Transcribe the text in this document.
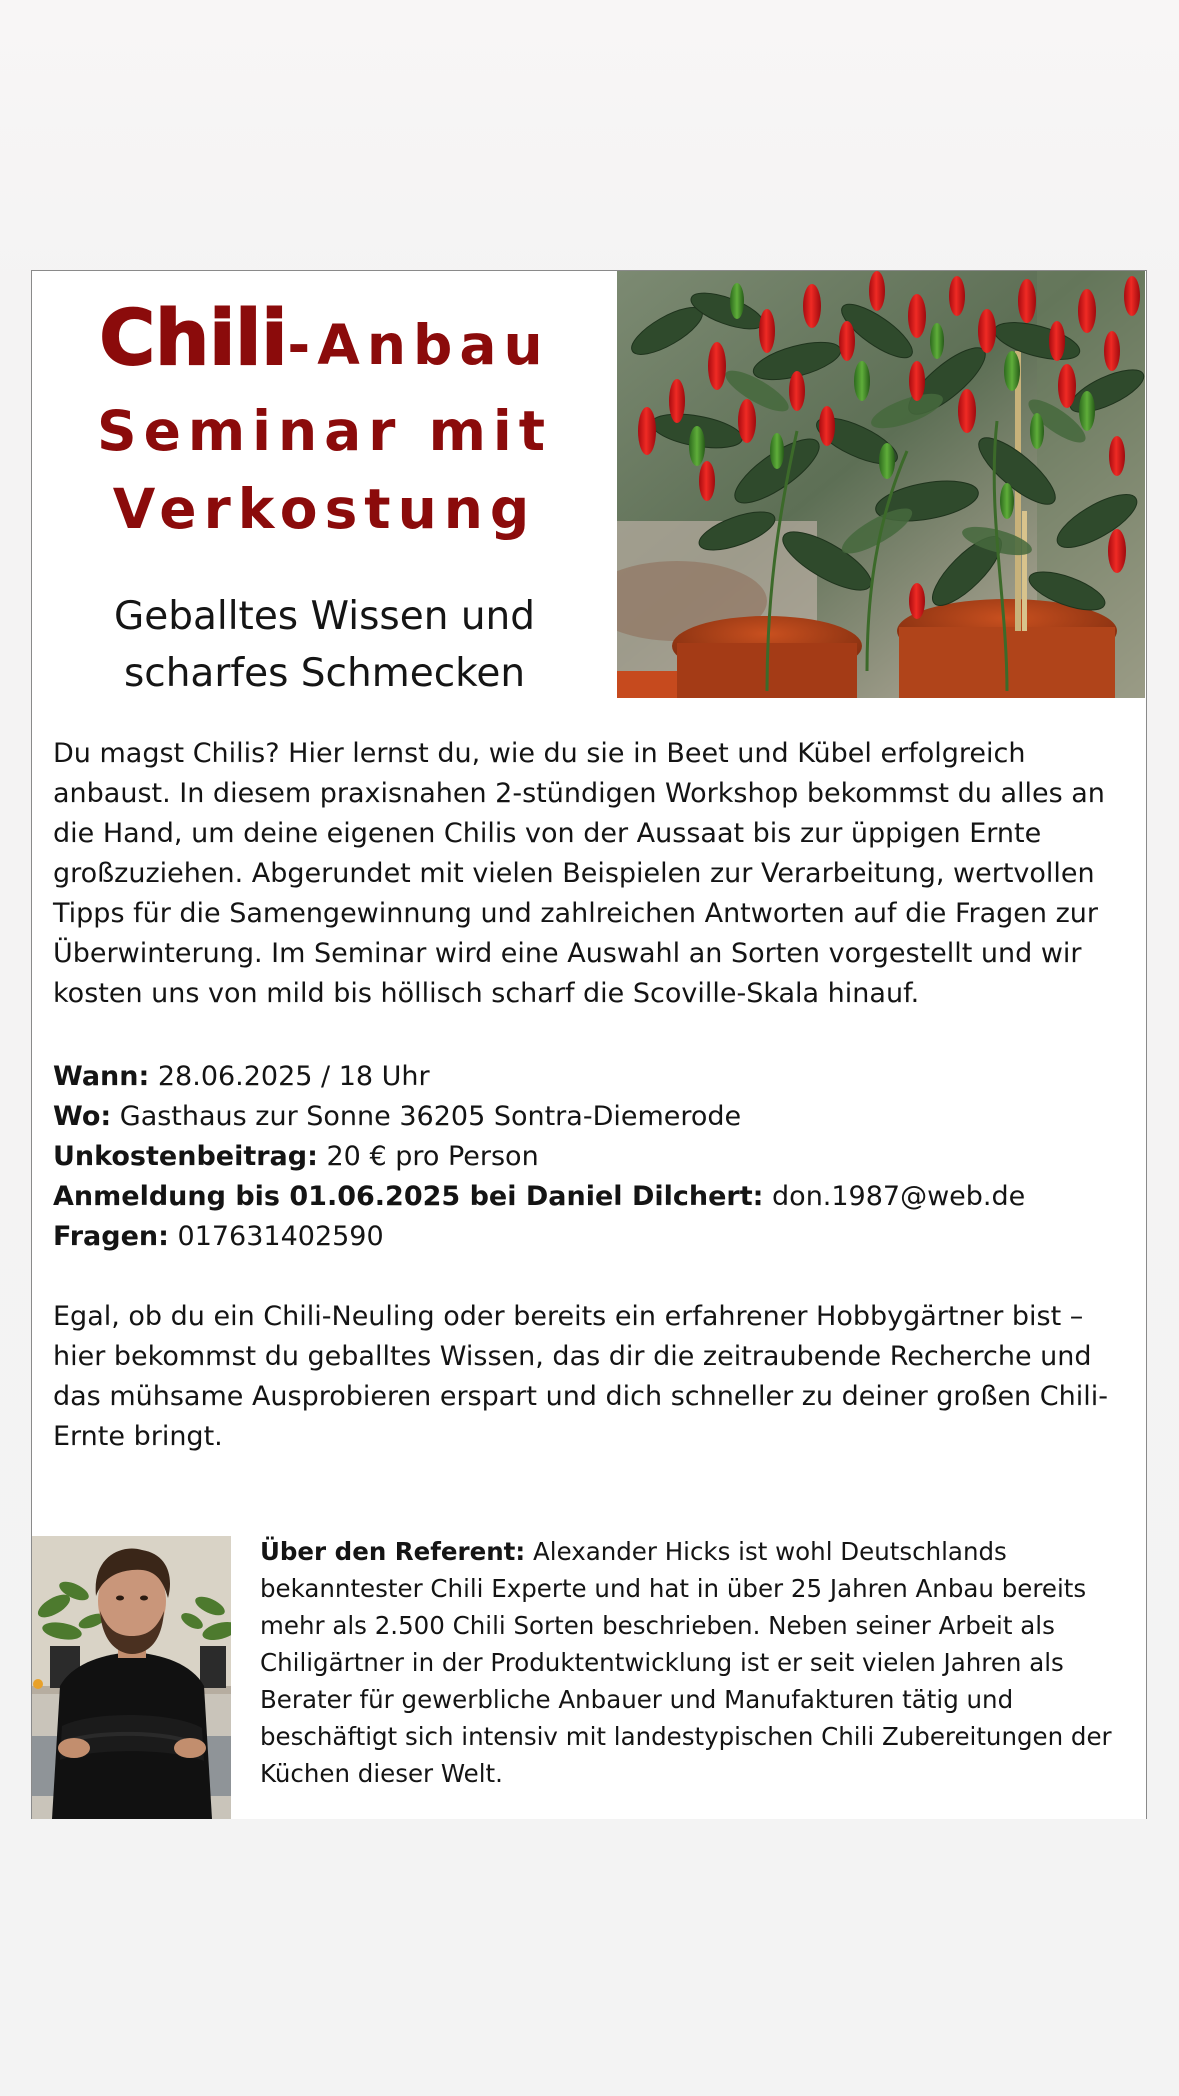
Chili-Anbau
Seminar mit
Verkostung
Geballtes Wissen und
scharfes Schmecken

Du magst Chilis? Hier lernst du, wie du sie in Beet und Kübel erfolgreich anbaust. In diesem praxisnahen 2-stündigen Workshop bekommst du alles an die Hand, um deine eigenen Chilis von der Aussaat bis zur üppigen Ernte großzuziehen. Abgerundet mit vielen Beispielen zur Verarbeitung, wertvollen Tipps für die Samengewinnung und zahlreichen Antworten auf die Fragen zur Überwinterung. Im Seminar wird eine Auswahl an Sorten vorgestellt und wir kosten uns von mild bis höllisch scharf die Scoville-Skala hinauf.

Wann: 28.06.2025 / 18 Uhr
Wo: Gasthaus zur Sonne 36205 Sontra-Diemerode
Unkostenbeitrag: 20 € pro Person
Anmeldung bis 01.06.2025 bei Daniel Dilchert: don.1987@web.de
Fragen: 017631402590

Egal, ob du ein Chili-Neuling oder bereits ein erfahrener Hobbygärtner bist – hier bekommst du geballtes Wissen, das dir die zeitraubende Recherche und das mühsame Ausprobieren erspart und dich schneller zu deiner großen Chili-Ernte bringt.

Über den Referent: Alexander Hicks ist wohl Deutschlands bekanntester Chili Experte und hat in über 25 Jahren Anbau bereits mehr als 2.500 Chili Sorten beschrieben. Neben seiner Arbeit als Chiligärtner in der Produktentwicklung ist er seit vielen Jahren als Berater für gewerbliche Anbauer und Manufakturen tätig und beschäftigt sich intensiv mit landestypischen Chili Zubereitungen der Küchen dieser Welt.
